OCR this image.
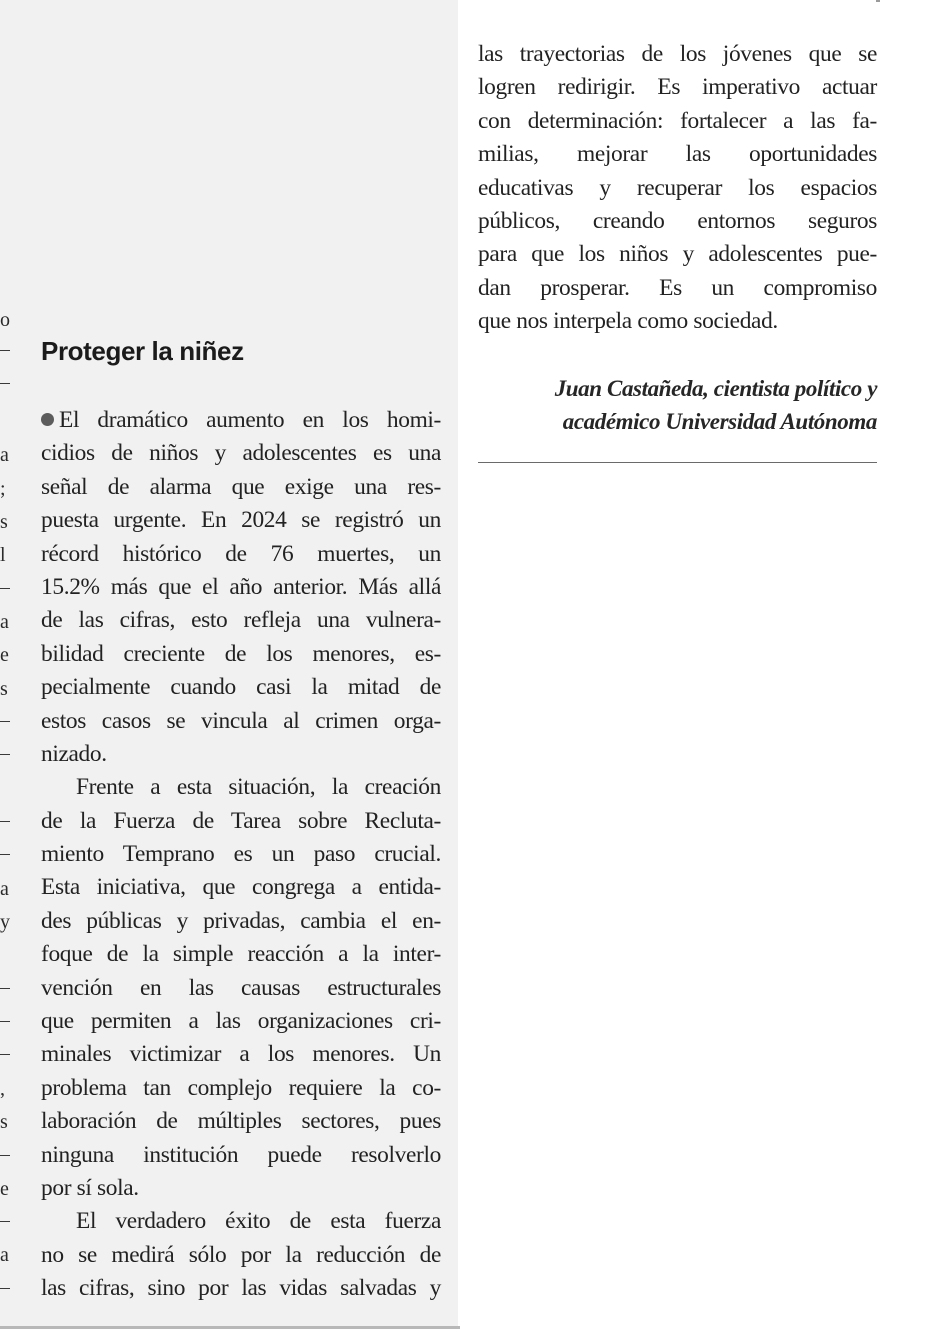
o
a
;
s
l
a
e
s
a
y
,
s
e
a
Proteger la niñez
El dramático aumento en los homi-
cidios de niños y adolescentes es una
señal de alarma que exige una res-
puesta urgente. En 2024 se registró un
récord histórico de 76 muertes, un
15.2% más que el año anterior. Más allá
de las cifras, esto refleja una vulnera-
bilidad creciente de los menores, es-
pecialmente cuando casi la mitad de
estos casos se vincula al crimen orga-
nizado.
Frente a esta situación, la creación
de la Fuerza de Tarea sobre Recluta-
miento Temprano es un paso crucial.
Esta iniciativa, que congrega a entida-
des públicas y privadas, cambia el en-
foque de la simple reacción a la inter-
vención en las causas estructurales
que permiten a las organizaciones cri-
minales victimizar a los menores. Un
problema tan complejo requiere la co-
laboración de múltiples sectores, pues
ninguna institución puede resolverlo
por sí sola.
El verdadero éxito de esta fuerza
no se medirá sólo por la reducción de
las cifras, sino por las vidas salvadas y
las trayectorias de los jóvenes que se
logren redirigir. Es imperativo actuar
con determinación: fortalecer a las fa-
milias, mejorar las oportunidades
educativas y recuperar los espacios
públicos, creando entornos seguros
para que los niños y adolescentes pue-
dan prosperar. Es un compromiso
que nos interpela como sociedad.
Juan Castañeda, cientista político y
académico Universidad Autónoma
